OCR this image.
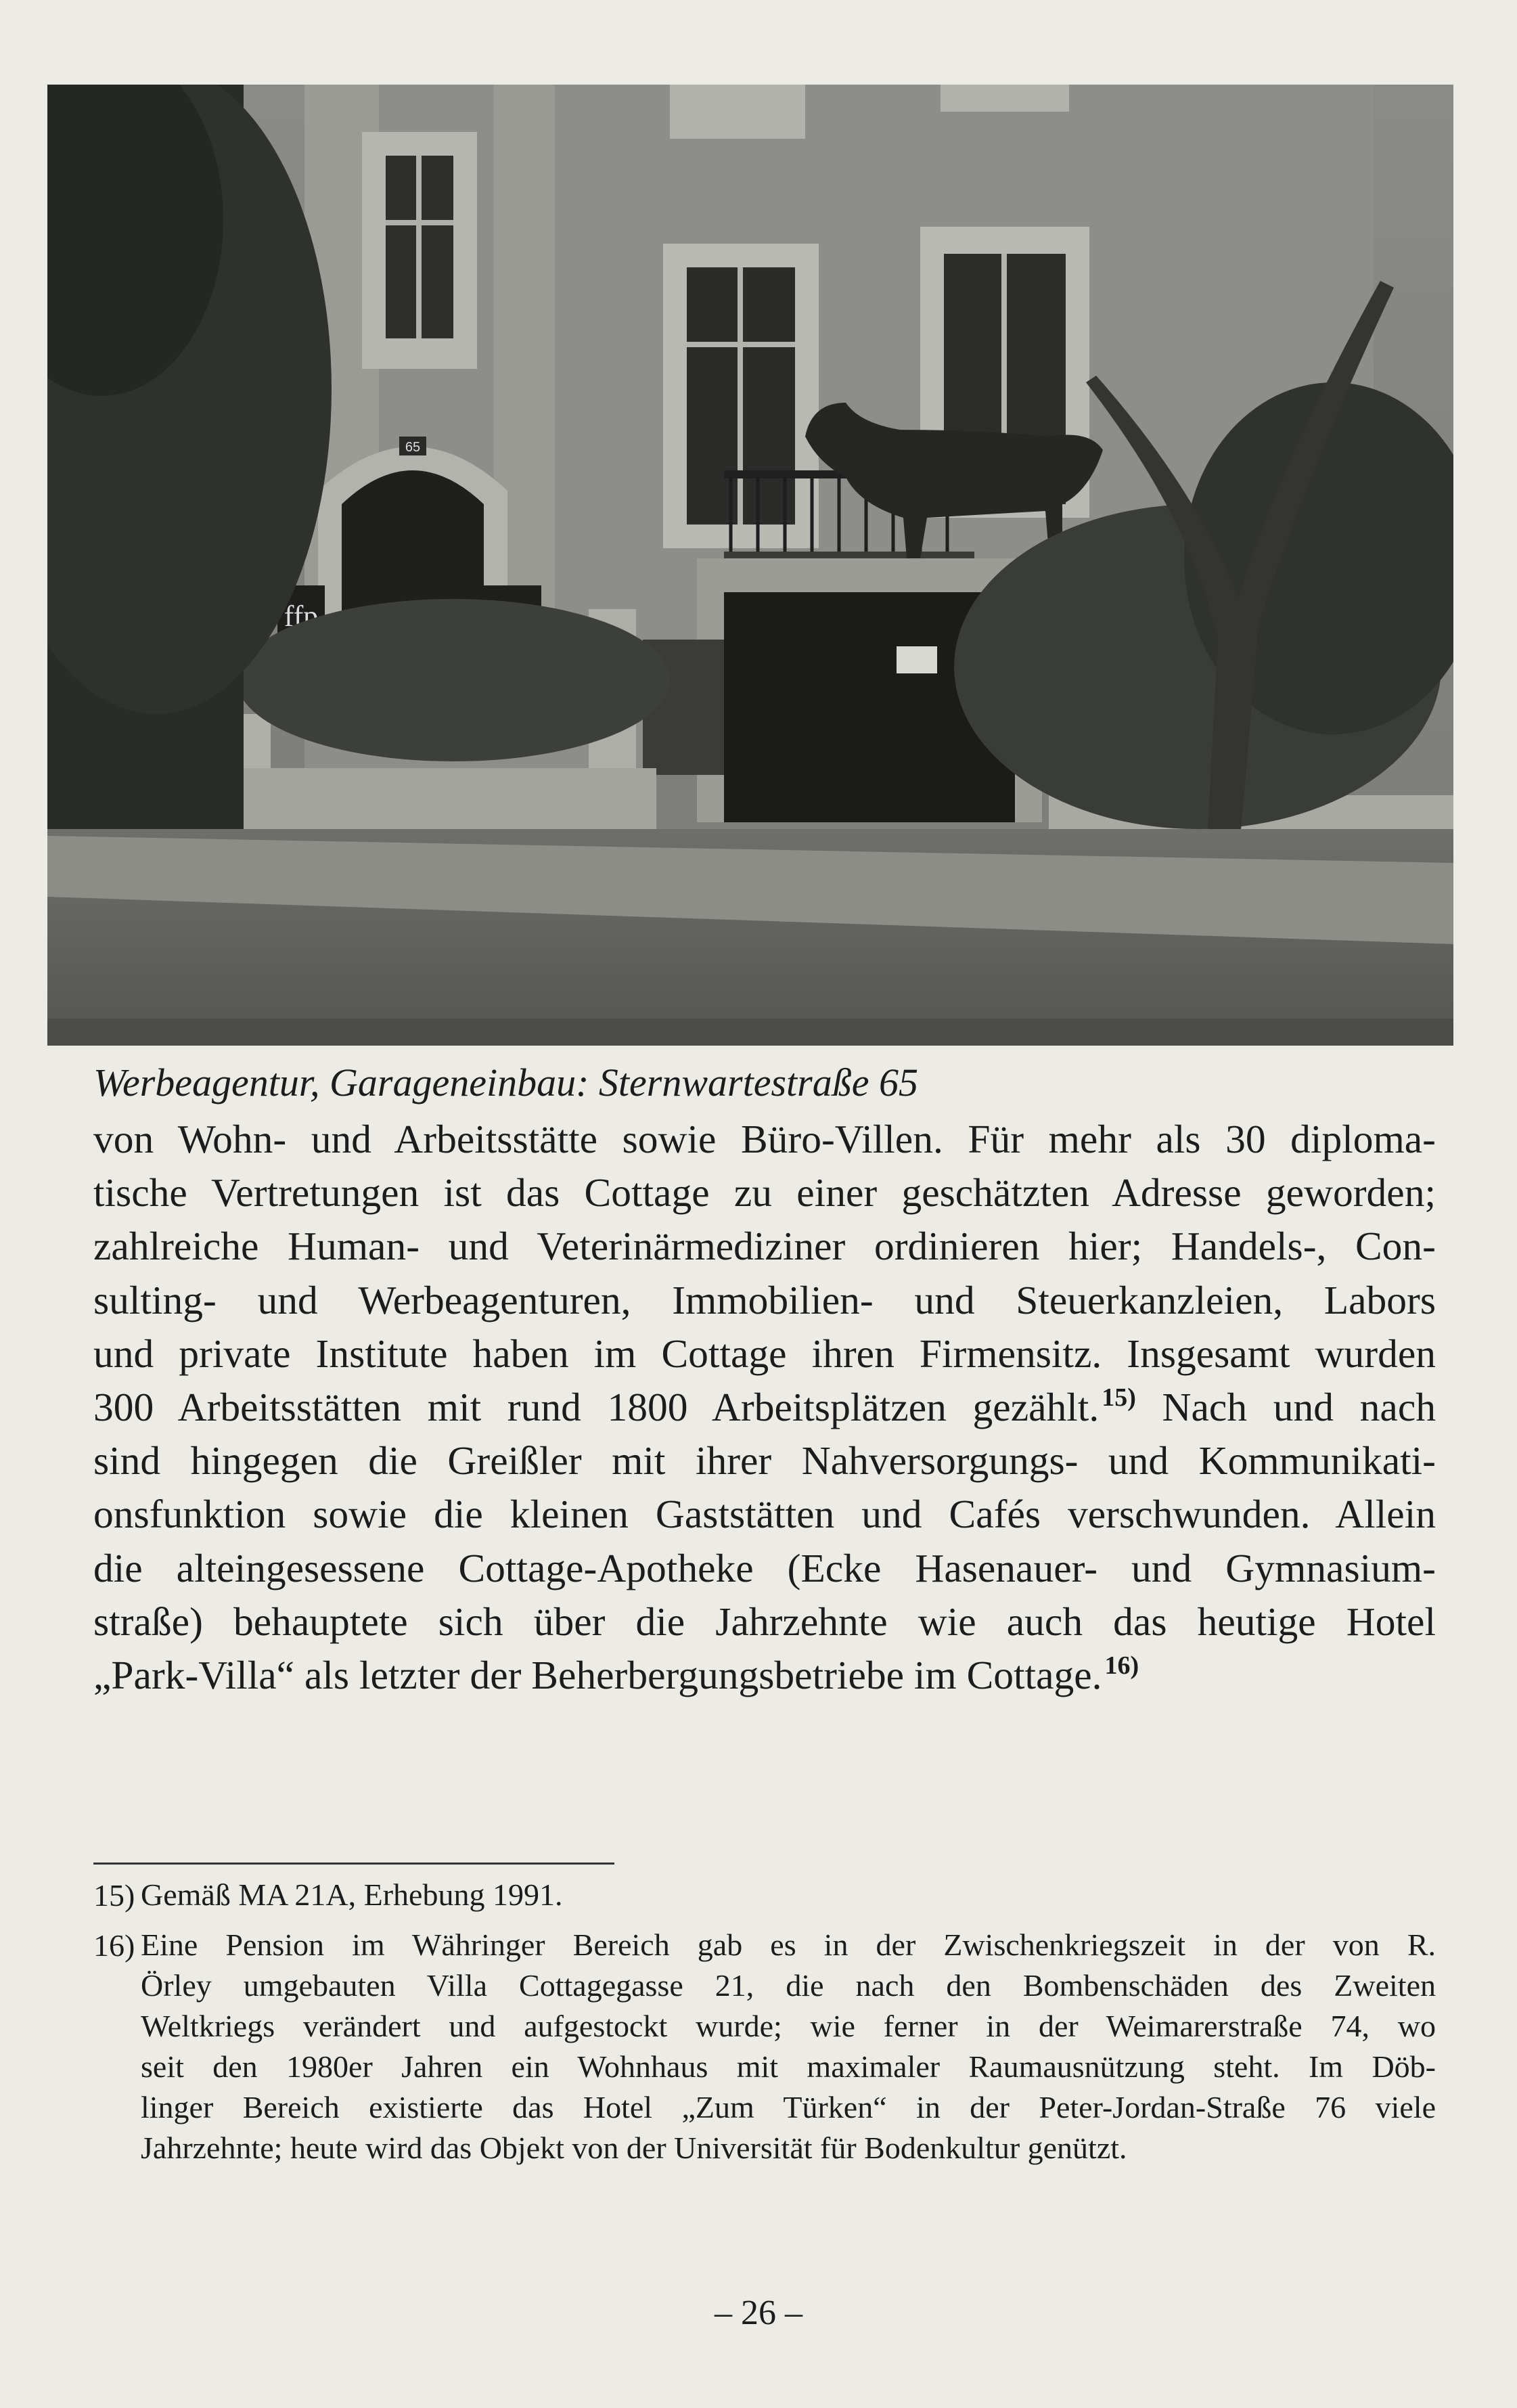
65
ffp

Werbeagentur, Garageneinbau: Sternwartestraße 65

von Wohn- und Arbeitsstätte sowie Büro-Villen. Für mehr als 30 diploma-
tische Vertretungen ist das Cottage zu einer geschätzten Adresse geworden;
zahlreiche Human- und Veterinärmediziner ordinieren hier; Handels-, Con-
sulting- und Werbeagenturen, Immobilien- und Steuerkanzleien, Labors
und private Institute haben im Cottage ihren Firmensitz. Insgesamt wurden
300 Arbeitsstätten mit rund 1800 Arbeitsplätzen gezählt. $^{15)}$ Nach und nach
sind hingegen die Greißler mit ihrer Nahversorgungs- und Kommunikati-
onsfunktion sowie die kleinen Gaststätten und Cafés verschwunden. Allein
die alteingesessene Cottage-Apotheke (Ecke Hasenauer- und Gymnasium-
straße) behauptete sich über die Jahrzehnte wie auch das heutige Hotel
„Park-Villa“ als letzter der Beherbergungsbetriebe im Cottage. $^{16)}$

15) Gemäß MA 21A, Erhebung 1991.
16) Eine Pension im Währinger Bereich gab es in der Zwischenkriegszeit in der von R.
Örley umgebauten Villa Cottagegasse 21, die nach den Bombenschäden des Zweiten
Weltkriegs verändert und aufgestockt wurde; wie ferner in der Weimarerstraße 74, wo
seit den 1980er Jahren ein Wohnhaus mit maximaler Raumausnützung steht. Im Döb-
linger Bereich existierte das Hotel „Zum Türken“ in der Peter-Jordan-Straße 76 viele
Jahrzehnte; heute wird das Objekt von der Universität für Bodenkultur genützt.
– 26 –
